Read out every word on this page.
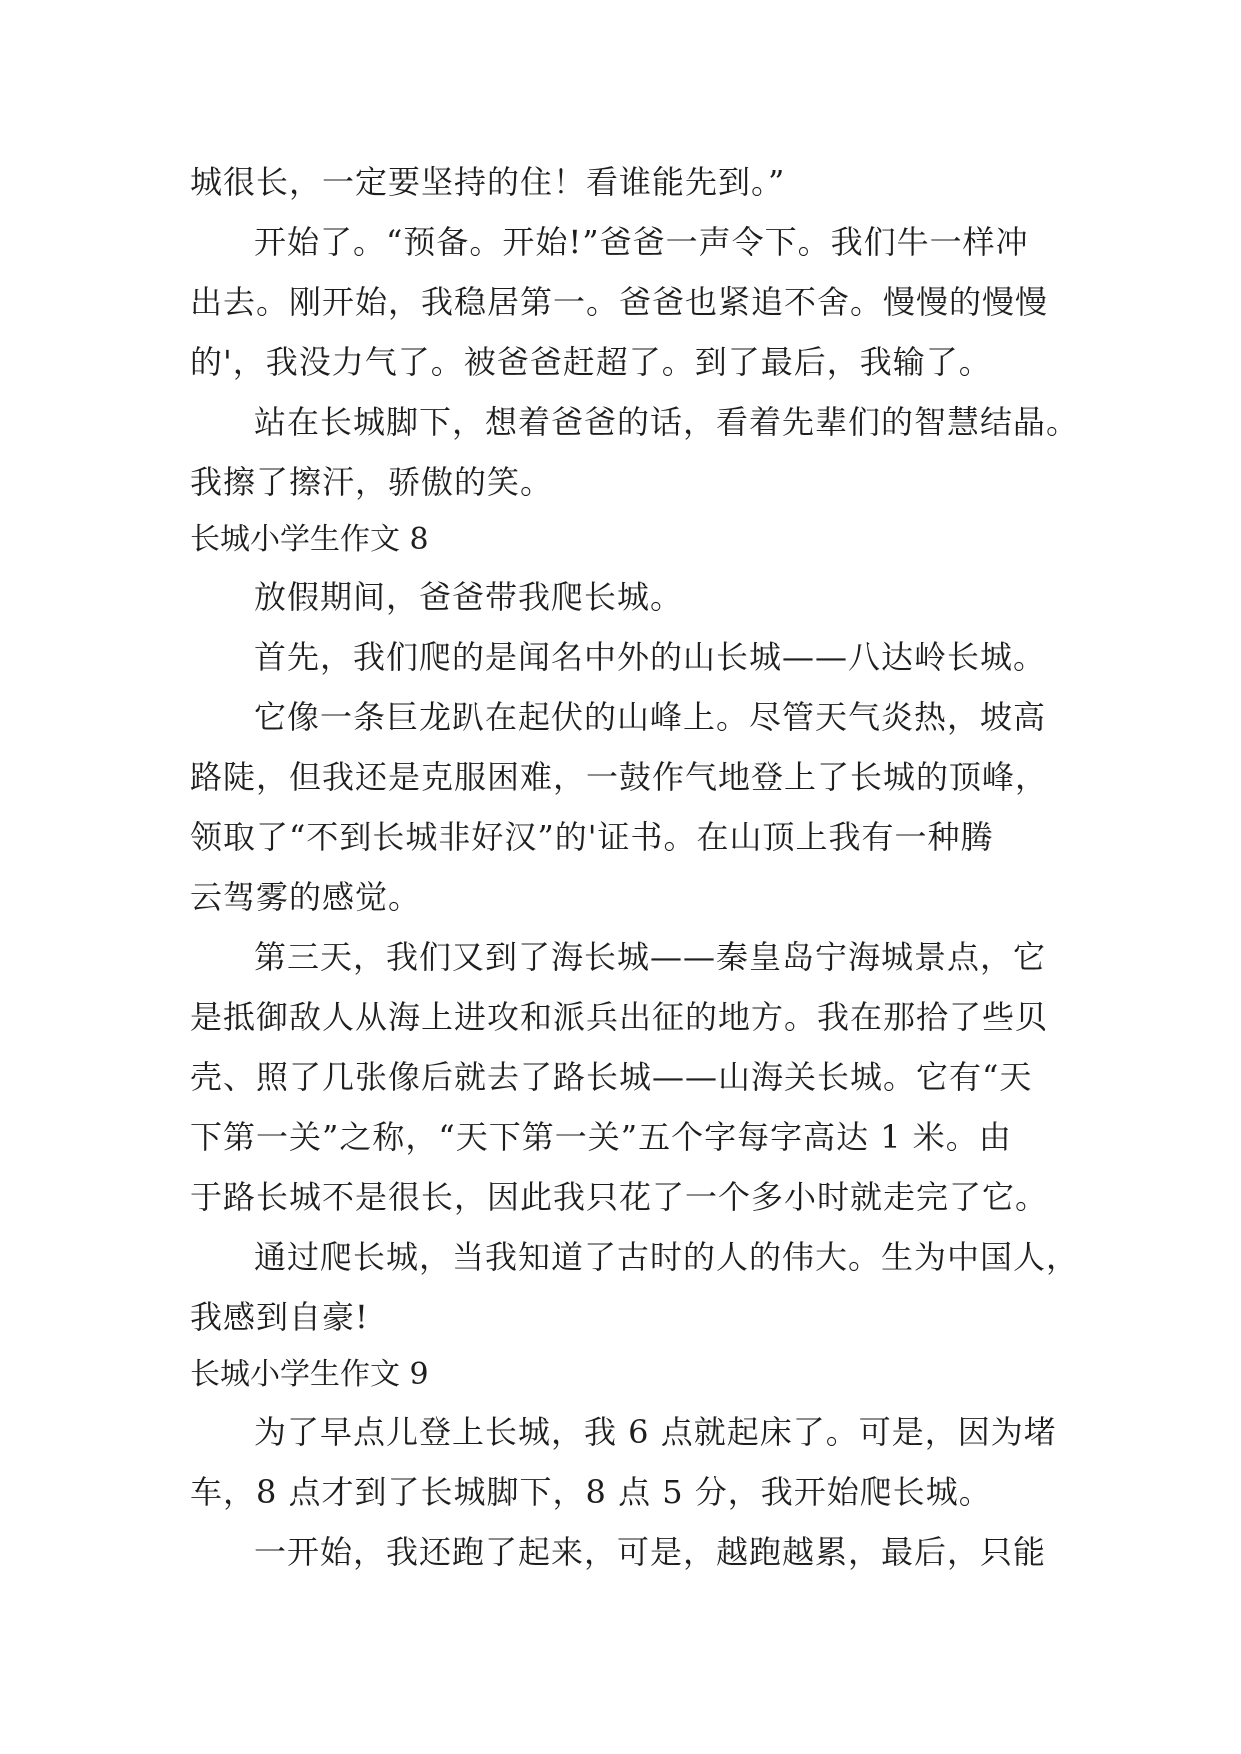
城很长，一定要坚持的住！看谁能先到。”
开始了。“预备。开始!”爸爸一声令下。我们牛一样冲
出去。刚开始，我稳居第一。爸爸也紧追不舍。慢慢的慢慢
的'，我没力气了。被爸爸赶超了。到了最后，我输了。
站在长城脚下，想着爸爸的话，看着先辈们的智慧结晶。
我擦了擦汗，骄傲的笑。
长城小学生作文 8
放假期间，爸爸带我爬长城。
首先，我们爬的是闻名中外的山长城——八达岭长城。
它像一条巨龙趴在起伏的山峰上。尽管天气炎热，坡高
路陡，但我还是克服困难，一鼓作气地登上了长城的顶峰，
领取了“不到长城非好汉”的'证书。在山顶上我有一种腾
云驾雾的感觉。
第三天，我们又到了海长城——秦皇岛宁海城景点，它
是抵御敌人从海上进攻和派兵出征的地方。我在那拾了些贝
壳、照了几张像后就去了路长城——山海关长城。它有“天
下第一关”之称，“天下第一关”五个字每字高达 1 米。由
于路长城不是很长，因此我只花了一个多小时就走完了它。
通过爬长城，当我知道了古时的人的伟大。生为中国人，
我感到自豪!
长城小学生作文 9
为了早点儿登上长城，我 6 点就起床了。可是，因为堵
车，8 点才到了长城脚下，8 点 5 分，我开始爬长城。
一开始，我还跑了起来，可是，越跑越累，最后，只能
